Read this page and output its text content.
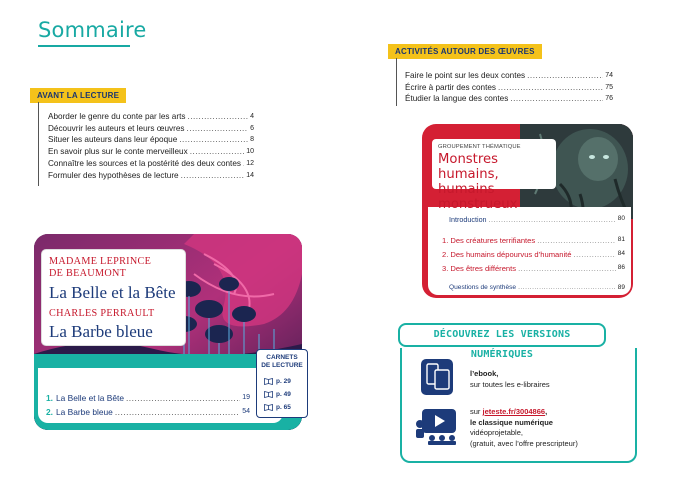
Sommaire
AVANT LA LECTURE
Aborder le genre du conte par les arts .....	4
Découvrir les auteurs et leurs œuvres .....	6
Situer les auteurs dans leur époque .....	8
En savoir plus sur le conte merveilleux .....	10
Connaître les sources et la postérité des deux contes ..... 12
Formuler des hypothèses de lecture .....	14
ACTIVITÉS AUTOUR DES ŒUVRES
Faire le point sur les deux contes .....	74
Écrire à partir des contes .....	75
Étudier la langue des contes .....	76
MADAME LEPRINCE
DE BEAUMONT
La Belle et la Bête
CHARLES PERRAULT
La Barbe bleue
1. La Belle et la Bête .....	19
2. La Barbe bleue .....	54
CARNETS
DE LECTURE
p. 29
p. 49
p. 65
GROUPEMENT THÉMATIQUE
Monstres humains,
humains monstrueux
Introduction .....	80
1. Des créatures terrifiantes .....	81
2. Des humains dépourvus d’humanité .....	84
3. Des êtres différents .....	86
Questions de synthèse .....	89
DÉCOUVREZ LES VERSIONS NUMÉRIQUES
l’ebook,
sur toutes les e-libraires
sur jeteste.fr/3004866,
le classique numérique
vidéoprojetable,
(gratuit, avec l’offre prescripteur)
